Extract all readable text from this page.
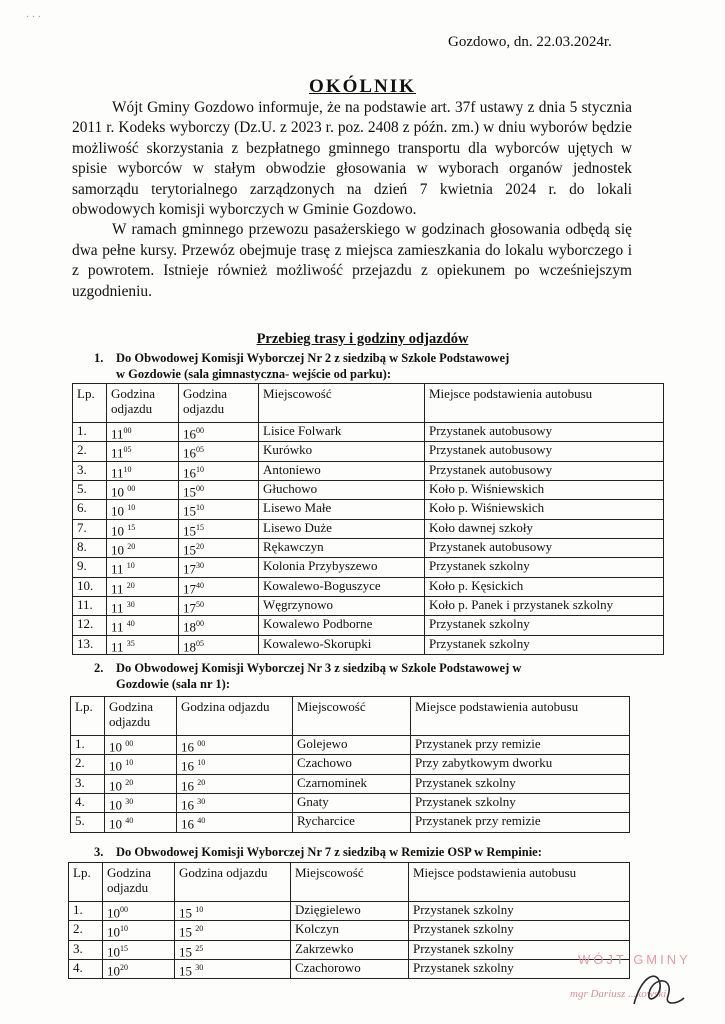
· · ·
Gozdowo, dn. 22.03.2024r.
OKÓLNIK

Wójt Gminy Gozdowo informuje, że na podstawie art. 37f ustawy z dnia 5 stycznia 2011 r. Kodeks wyborczy (Dz.U. z 2023 r. poz. 2408 z późn. zm.) w dniu wyborów będzie możliwość skorzystania z bezpłatnego gminnego transportu dla wyborców ujętych w spisie wyborców w stałym obwodzie głosowania w wyborach organów jednostek samorządu terytorialnego zarządzonych na dzień 7 kwietnia 2024 r. do lokali obwodowych komisji wyborczych w Gminie Gozdowo.

W ramach gminnego przewozu pasażerskiego w godzinach głosowania odbędą się dwa pełne kursy. Przewóz obejmuje trasę z miejsca zamieszkania do lokalu wyborczego i z powrotem. Istnieje również możliwość przejazdu z opiekunem po wcześniejszym uzgodnieniu.

Przebieg trasy i godziny odjazdów
1. Do Obwodowej Komisji Wyborczej Nr 2 z siedzibą w Szkole Podstawowej
w Gozdowie (sala gimnastyczna- wejście od parku):
Lp.	Godzina odjazdu	Godzina odjazdu	Miejscowość	Miejsce podstawienia autobusu
1.	$11^{00}$	$16^{00}$	Lisice Folwark	Przystanek autobusowy
2.	$11^{05}$	$16^{05}$	Kurówko	Przystanek autobusowy
3.	$11^{10}$	$16^{10}$	Antoniewo	Przystanek autobusowy
5.	10 $^{00}$	$15^{00}$	Głuchowo	Koło p. Wiśniewskich
6.	10 $^{10}$	$15^{10}$	Lisewo Małe	Koło p. Wiśniewskich
7.	10 $^{15}$	$15^{15}$	Lisewo Duże	Koło dawnej szkoły
8.	10 $^{20}$	$15^{20}$	Rękawczyn	Przystanek autobusowy
9.	11 $^{10}$	$17^{30}$	Kolonia Przybyszewo	Przystanek szkolny
10.	11 $^{20}$	$17^{40}$	Kowalewo-Boguszyce	Koło p. Kęsickich
11.	11 $^{30}$	$17^{50}$	Węgrzynowo	Koło p. Panek i przystanek szkolny
12.	11 $^{40}$	$18^{00}$	Kowalewo Podborne	Przystanek szkolny
13.	11 $^{35}$	$18^{05}$	Kowalewo-Skorupki	Przystanek szkolny
2. Do Obwodowej Komisji Wyborczej Nr 3 z siedzibą w Szkole Podstawowej w
Gozdowie (sala nr 1):
Lp.	Godzina odjazdu	Godzina odjazdu	Miejscowość	Miejsce podstawienia autobusu
1.	10 $^{00}$	16 $^{00}$	Golejewo	Przystanek przy remizie
2.	10 $^{10}$	16 $^{10}$	Czachowo	Przy zabytkowym dworku
3.	10 $^{20}$	16 $^{20}$	Czarnominek	Przystanek szkolny
4.	10 $^{30}$	16 $^{30}$	Gnaty	Przystanek szkolny
5.	10 $^{40}$	16 $^{40}$	Rycharcice	Przystanek przy remizie
3. Do Obwodowej Komisji Wyborczej Nr 7 z siedzibą w Remizie OSP w Rempinie:
Lp.	Godzina odjazdu	Godzina odjazdu	Miejscowość	Miejsce podstawienia autobusu
1.	$10^{00}$	15 $^{10}$	Dzięgielewo	Przystanek szkolny
2.	$10^{10}$	15 $^{20}$	Kolczyn	Przystanek szkolny
3.	$10^{15}$	15 $^{25}$	Zakrzewko	Przystanek szkolny
4.	$10^{20}$	15 $^{30}$	Czachorowo	Przystanek szkolny
WÓJT GMINY
mgr Dariusz ...kowski
